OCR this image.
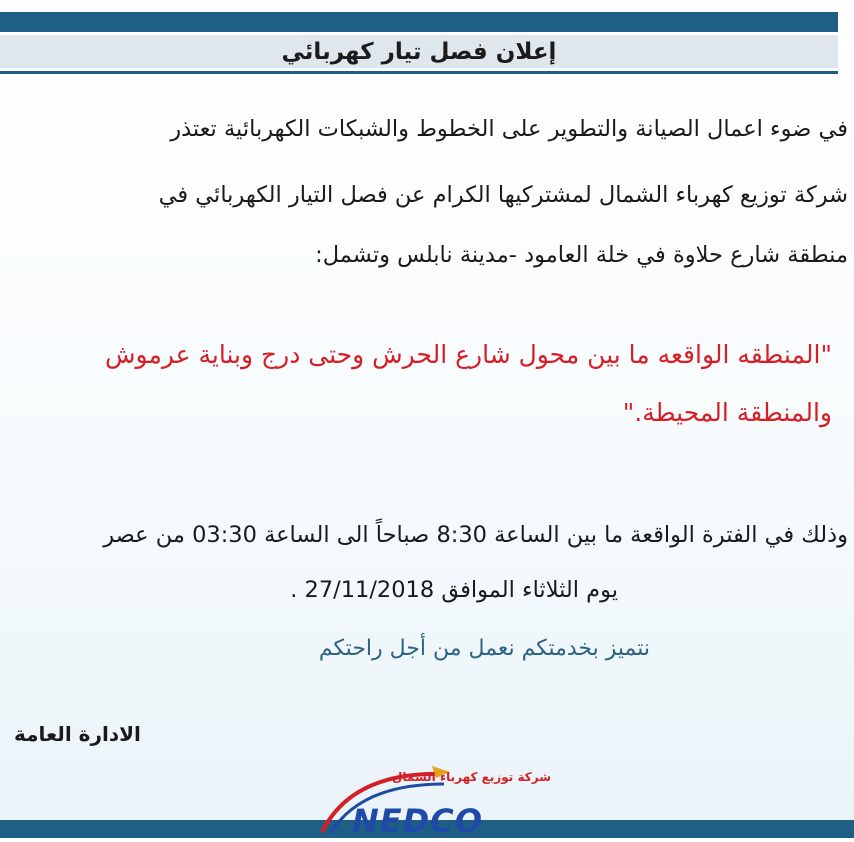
إعلان فصل تيار كهربائي

في ضوء اعمال الصيانة والتطوير على الخطوط والشبكات الكهربائية تعتذر

شركة توزيع كهرباء الشمال لمشتركيها الكرام عن فصل التيار الكهربائي في

منطقة شارع حلاوة في خلة العامود -مدينة نابلس وتشمل:

"المنطقه الواقعه ما بين محول شارع الحرش وحتى درج وبناية عرموش
والمنطقة المحيطة."

وذلك في الفترة الواقعة ما بين الساعة 8:30 صباحاً الى الساعة 03:30 من عصر

يوم الثلاثاء الموافق 27/11/2018 .

نتميز بخدمتكم نعمل من أجل راحتكم
الادارة العامة
شركة توزيع كهرباء الشمال
NEDCO
